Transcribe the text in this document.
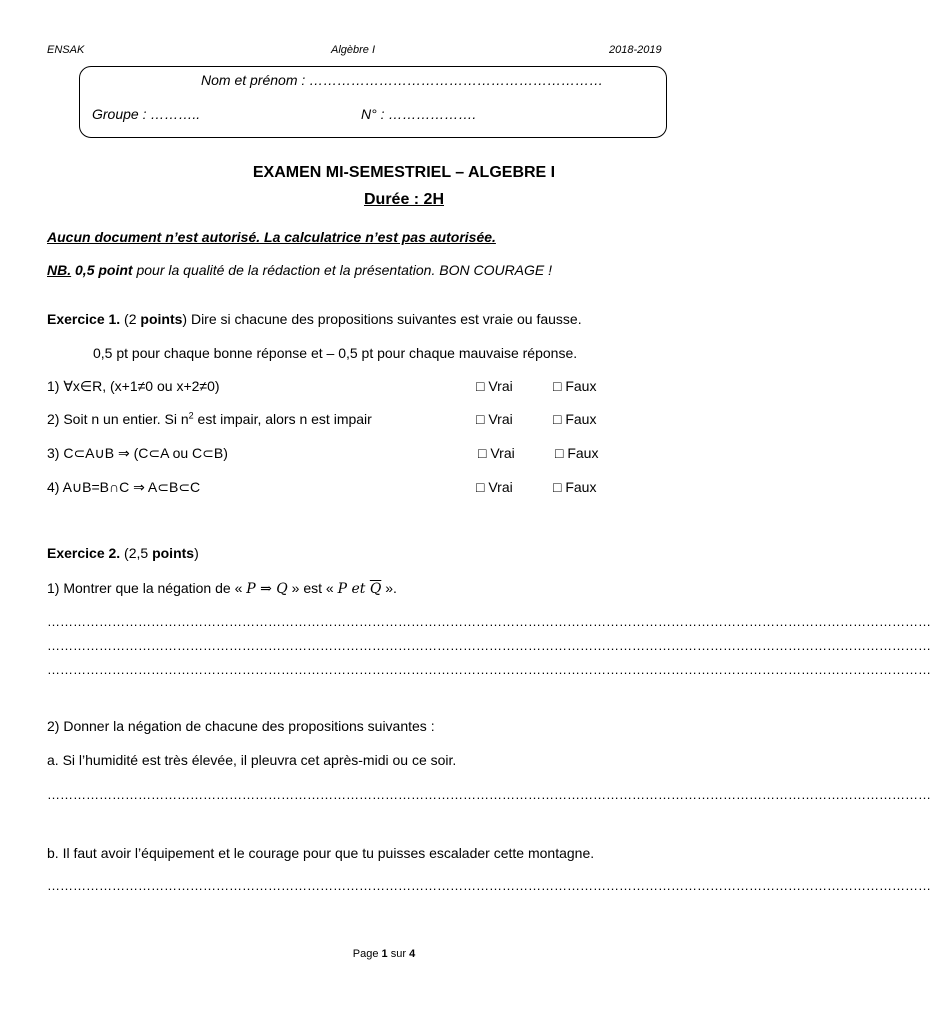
ENSAK	Algèbre I	2018-2019
Nom et prénom : ………………………………………………………
Groupe : ………..	N° : ……………….
EXAMEN MI-SEMESTRIEL – ALGEBRE I
Durée : 2H
Aucun document n’est autorisé. La calculatrice n’est pas autorisée.
NB. 0,5 point pour la qualité de la rédaction et la présentation. BON COURAGE !
Exercice 1. (2 points) Dire si chacune des propositions suivantes est vraie ou fausse.
0,5 pt pour chaque bonne réponse et – 0,5 pt pour chaque mauvaise réponse.
1) ∀x∈R, (x+1≠0 ou x+2≠0)	□ Vrai	□ Faux
2) Soit n un entier. Si $n^2$ est impair, alors n est impair	□ Vrai	□ Faux
3) C⊂A∪B ⇒ (C⊂A ou C⊂B)	□ Vrai	□ Faux
4) A∪B=B∩C ⇒ A⊂B⊂C	□ Vrai	□ Faux
Exercice 2. (2,5 points)
1) Montrer que la négation de « P ⇒ Q » est « P et $\overline{Q}$ ».
……………………………………………………………………………………………………………………………………………………………………………………
……………………………………………………………………………………………………………………………………………………………………………………
……………………………………………………………………………………………………………………………………………………………………………………
2) Donner la négation de chacune des propositions suivantes :
a. Si l’humidité est très élevée, il pleuvra cet après-midi ou ce soir.
……………………………………………………………………………………………………………………………………………………………………………………
b. Il faut avoir l’équipement et le courage pour que tu puisses escalader cette montagne.
……………………………………………………………………………………………………………………………………………………………………………………
Page 1 sur 4
